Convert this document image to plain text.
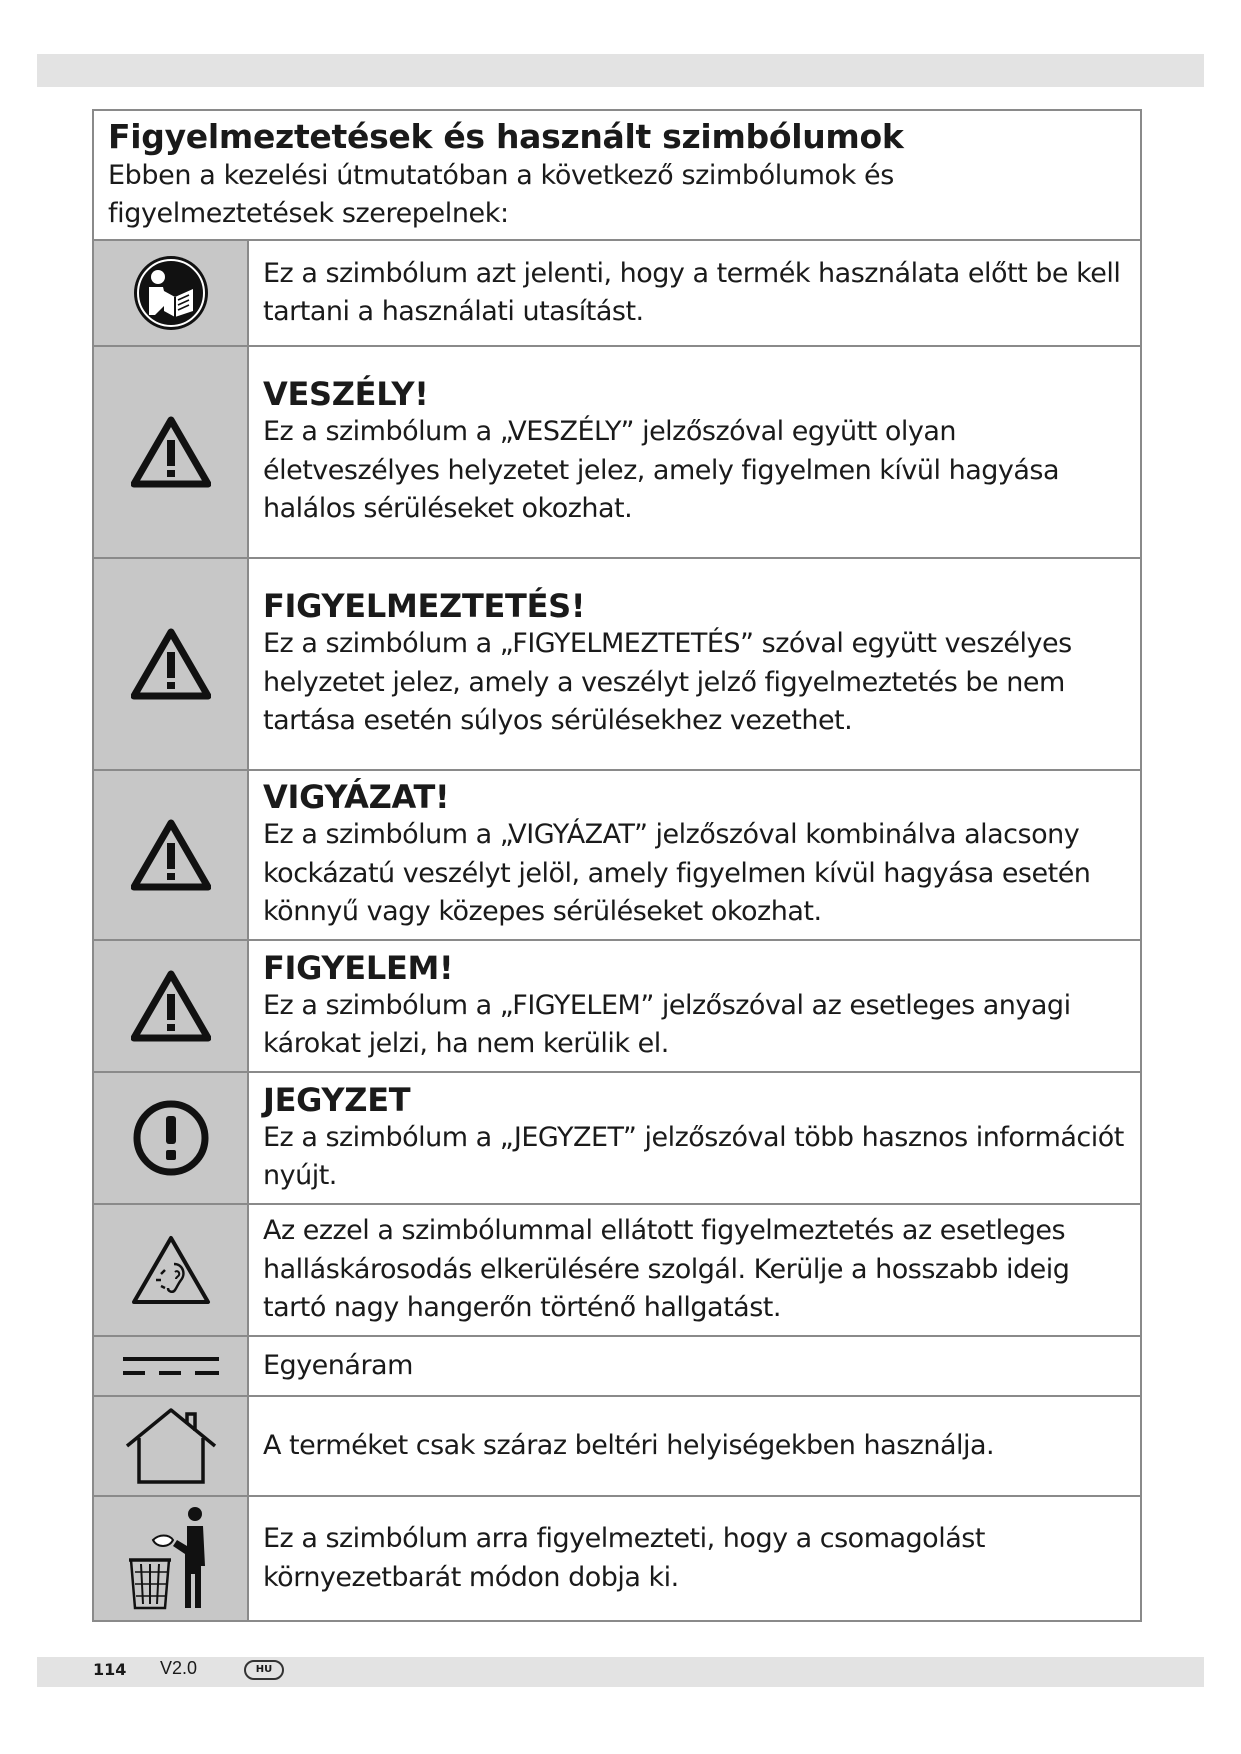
Figyelmeztetések és használt szimbólumok

Ebben a kezelési útmutatóban a következő szimbólumok és figyelmeztetések szerepelnek:

Ez a szimbólum azt jelenti, hogy a termék használata előtt be kell tartani a használati utasítást.
VESZÉLY!
Ez a szimbólum a „VESZÉLY” jelzőszóval együtt olyan életveszélyes helyzetet jelez, amely figyelmen kívül hagyása halálos sérüléseket okozhat.
FIGYELMEZTETÉS!
Ez a szimbólum a „FIGYELMEZTETÉS” szóval együtt veszélyes helyzetet jelez, amely a veszélyt jelző figyelmeztetés be nem tartása esetén súlyos sérülésekhez vezethet.
VIGYÁZAT!
Ez a szimbólum a „VIGYÁZAT” jelzőszóval kombinálva alacsony kockázatú veszélyt jelöl, amely figyelmen kívül hagyása esetén könnyű vagy közepes sérüléseket okozhat.
FIGYELEM!
Ez a szimbólum a „FIGYELEM” jelzőszóval az esetleges anyagi károkat jelzi, ha nem kerülik el.
JEGYZET
Ez a szimbólum a „JEGYZET” jelzőszóval több hasznos információt nyújt.
Az ezzel a szimbólummal ellátott figyelmeztetés az esetleges halláskárosodás elkerülésére szolgál. Kerülje a hosszabb ideig tartó nagy hangerőn történő hallgatást.
Egyenáram
A terméket csak száraz beltéri helyiségekben használja.
Ez a szimbólum arra figyelmezteti, hogy a csomagolást környezetbarát módon dobja ki.
114 V2.0	HU
